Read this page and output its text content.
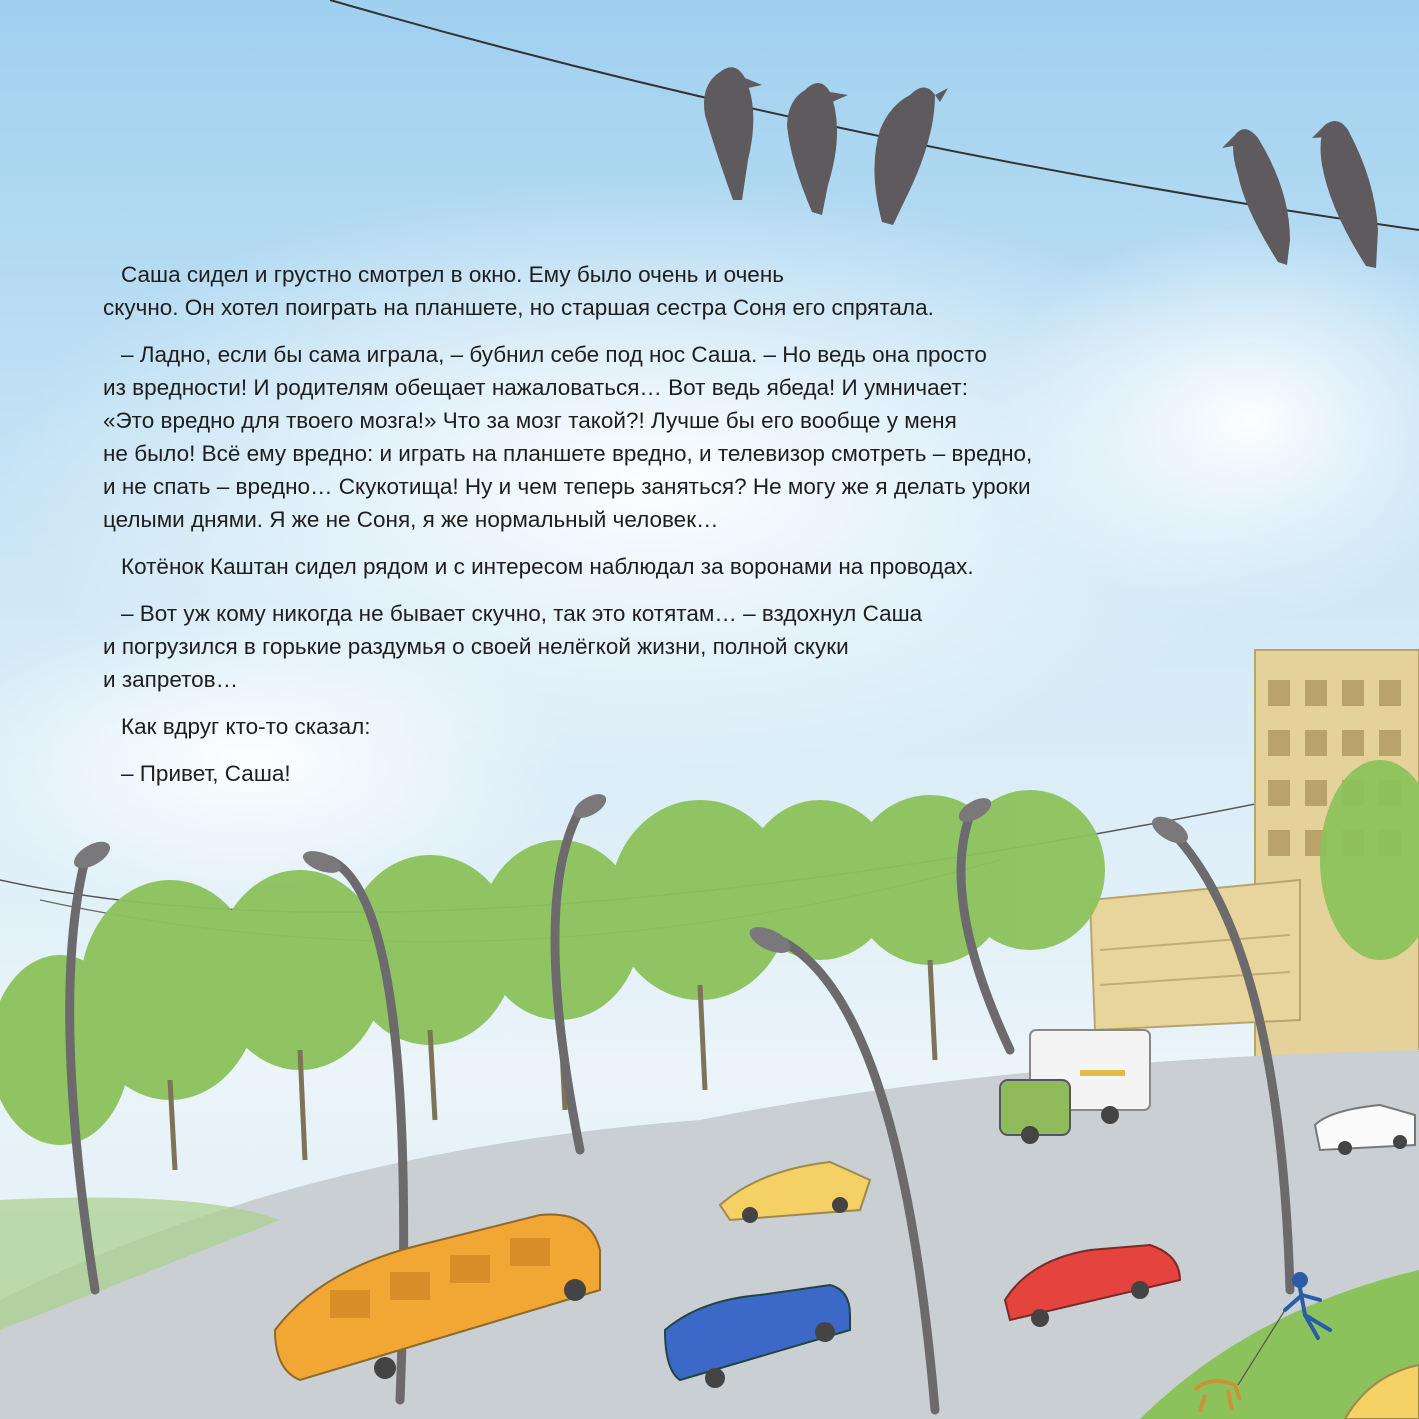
Саша сидел и грустно смотрел в окно. Ему было очень и очень
скучно. Он хотел поиграть на планшете, но старшая сестра Соня его спрятала.

– Ладно, если бы сама играла, – бубнил себе под нос Саша. – Но ведь она просто
из вредности! И родителям обещает нажаловаться… Вот ведь ябеда! И умничает:
«Это вредно для твоего мозга!» Что за мозг такой?! Лучше бы его вообще у меня
не было! Всё ему вредно: и играть на планшете вредно, и телевизор смотреть – вредно,
и не спать – вредно… Скукотища! Ну и чем теперь заняться? Не могу же я делать уроки
целыми днями. Я же не Соня, я же нормальный человек…

Котёнок Каштан сидел рядом и с интересом наблюдал за воронами на проводах.

– Вот уж кому никогда не бывает скучно, так это котятам… – вздохнул Саша
и погрузился в горькие раздумья о своей нелёгкой жизни, полной скуки
и запретов…

Как вдруг кто-то сказал:

– Привет, Саша!
